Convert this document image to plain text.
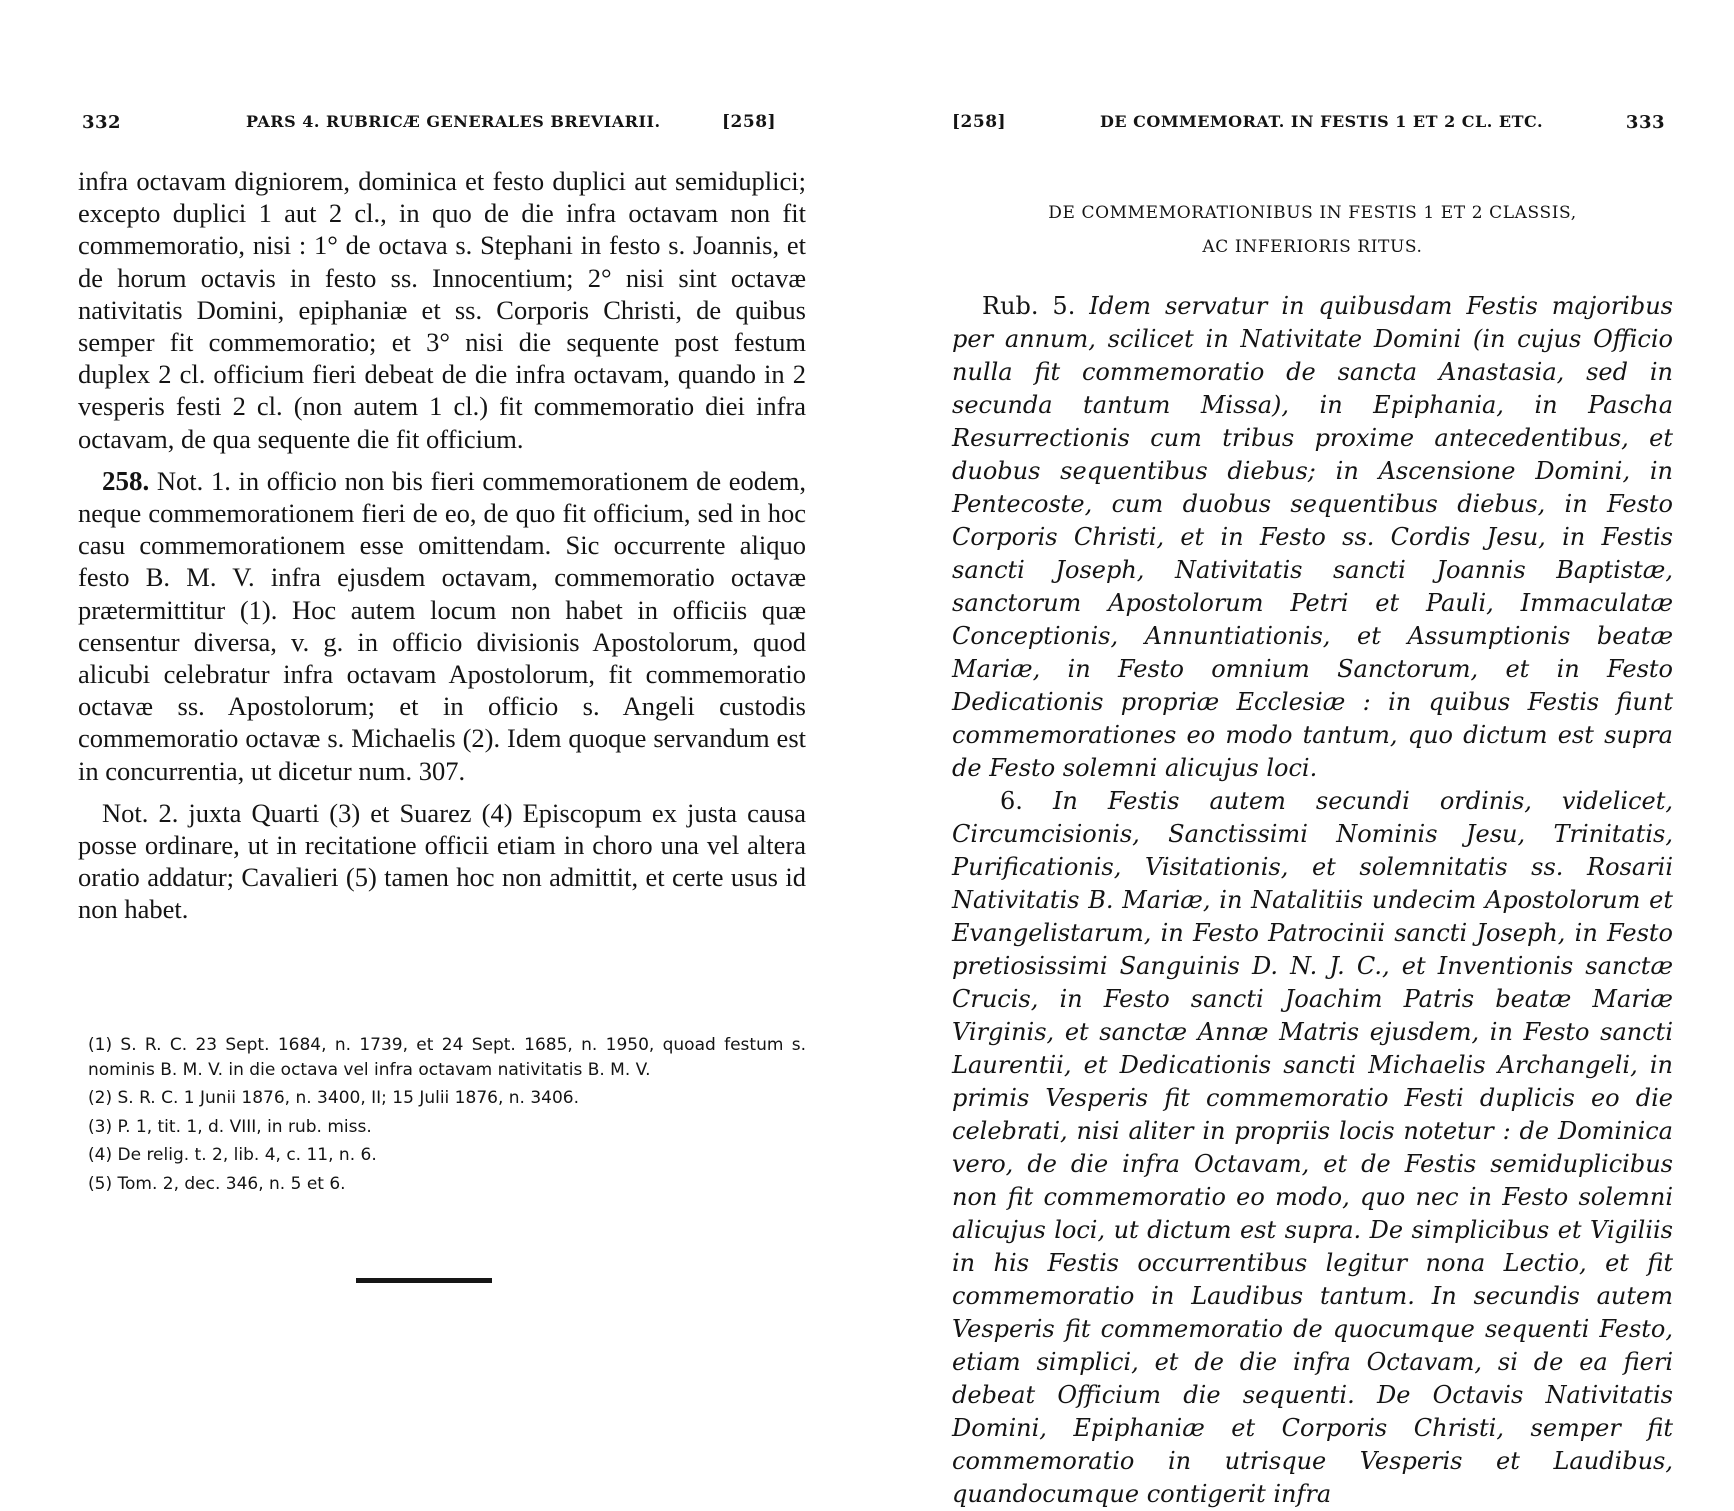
332	PARS 4. RUBRICÆ GENERALES BREVIARII.	[258]

infra octavam digniorem, dominica et festo duplici aut semiduplici; excepto duplici 1 aut 2 cl., in quo de die infra octavam non fit commemoratio, nisi : 1° de octava s. Stephani in festo s. Joannis, et de horum octavis in festo ss. Innocentium; 2° nisi sint octavæ nativitatis Domini, epiphaniæ et ss. Corporis Christi, de quibus semper fit commemoratio; et 3° nisi die sequente post festum duplex 2 cl. officium fieri debeat de die infra octavam, quando in 2 vesperis festi 2 cl. (non autem 1 cl.) fit commemoratio diei infra octavam, de qua sequente die fit officium.

258. Not. 1. in officio non bis fieri commemorationem de eodem, neque commemorationem fieri de eo, de quo fit officium, sed in hoc casu commemorationem esse omittendam. Sic occurrente aliquo festo B. M. V. infra ejusdem octavam, commemoratio octavæ prætermittitur (1). Hoc autem locum non habet in officiis quæ censentur diversa, v. g. in officio divisionis Apostolorum, quod alicubi celebratur infra octavam Apostolorum, fit commemoratio octavæ ss. Apostolorum; et in officio s. Angeli custodis commemoratio octavæ s. Michaelis (2). Idem quoque servandum est in concurrentia, ut dicetur num. 307.

Not. 2. juxta Quarti (3) et Suarez (4) Episcopum ex justa causa posse ordinare, ut in recitatione officii etiam in choro una vel altera oratio addatur; Cavalieri (5) tamen hoc non admittit, et certe usus id non habet.

(1) S. R. C. 23 Sept. 1684, n. 1739, et 24 Sept. 1685, n. 1950, quoad festum s. nominis B. M. V. in die octava vel infra octavam nativitatis B. M. V.

(2) S. R. C. 1 Junii 1876, n. 3400, II; 15 Julii 1876, n. 3406.

(3) P. 1, tit. 1, d. VIII, in rub. miss.

(4) De relig. t. 2, lib. 4, c. 11, n. 6.

(5) Tom. 2, dec. 346, n. 5 et 6.

[258]	DE COMMEMORAT. IN FESTIS 1 ET 2 CL. ETC.	333
DE COMMEMORATIONIBUS IN FESTIS 1 ET 2 CLASSIS,
AC INFERIORIS RITUS.

Rub. 5. Idem servatur in quibusdam Festis majoribus per annum, scilicet in Nativitate Domini (in cujus Officio nulla fit commemoratio de sancta Anastasia, sed in secunda tantum Missa), in Epiphania, in Pascha Resurrectionis cum tribus proxime antecedentibus, et duobus sequentibus diebus; in Ascensione Domini, in Pentecoste, cum duobus sequentibus diebus, in Festo Corporis Christi, et in Festo ss. Cordis Jesu, in Festis sancti Joseph, Nativitatis sancti Joannis Baptistæ, sanctorum Apostolorum Petri et Pauli, Immaculatæ Conceptionis, Annuntiationis, et Assumptionis beatæ Mariæ, in Festo omnium Sanctorum, et in Festo Dedicationis propriæ Ecclesiæ : in quibus Festis fiunt commemorationes eo modo tantum, quo dictum est supra de Festo solemni alicujus loci.

6. In Festis autem secundi ordinis, videlicet, Circumcisionis, Sanctissimi Nominis Jesu, Trinitatis, Purificationis, Visitationis, et solemnitatis ss. Rosarii Nativitatis B. Mariæ, in Natalitiis undecim Apostolorum et Evangelistarum, in Festo Patrocinii sancti Joseph, in Festo pretiosissimi Sanguinis D. N. J. C., et Inventionis sanctæ Crucis, in Festo sancti Joachim Patris beatæ Mariæ Virginis, et sanctæ Annæ Matris ejusdem, in Festo sancti Laurentii, et Dedicationis sancti Michaelis Archangeli, in primis Vesperis fit commemoratio Festi duplicis eo die celebrati, nisi aliter in propriis locis notetur : de Dominica vero, de die infra Octavam, et de Festis semiduplicibus non fit commemoratio eo modo, quo nec in Festo solemni alicujus loci, ut dictum est supra. De simplicibus et Vigiliis in his Festis occurrentibus legitur nona Lectio, et fit commemoratio in Laudibus tantum. In secundis autem Vesperis fit commemoratio de quocumque sequenti Festo, etiam simplici, et de die infra Octavam, si de ea fieri debeat Officium die sequenti. De Octavis Nativitatis Domini, Epiphaniæ et Corporis Christi, semper fit commemoratio in utrisque Vesperis et Laudibus, quandocumque contigerit infra
